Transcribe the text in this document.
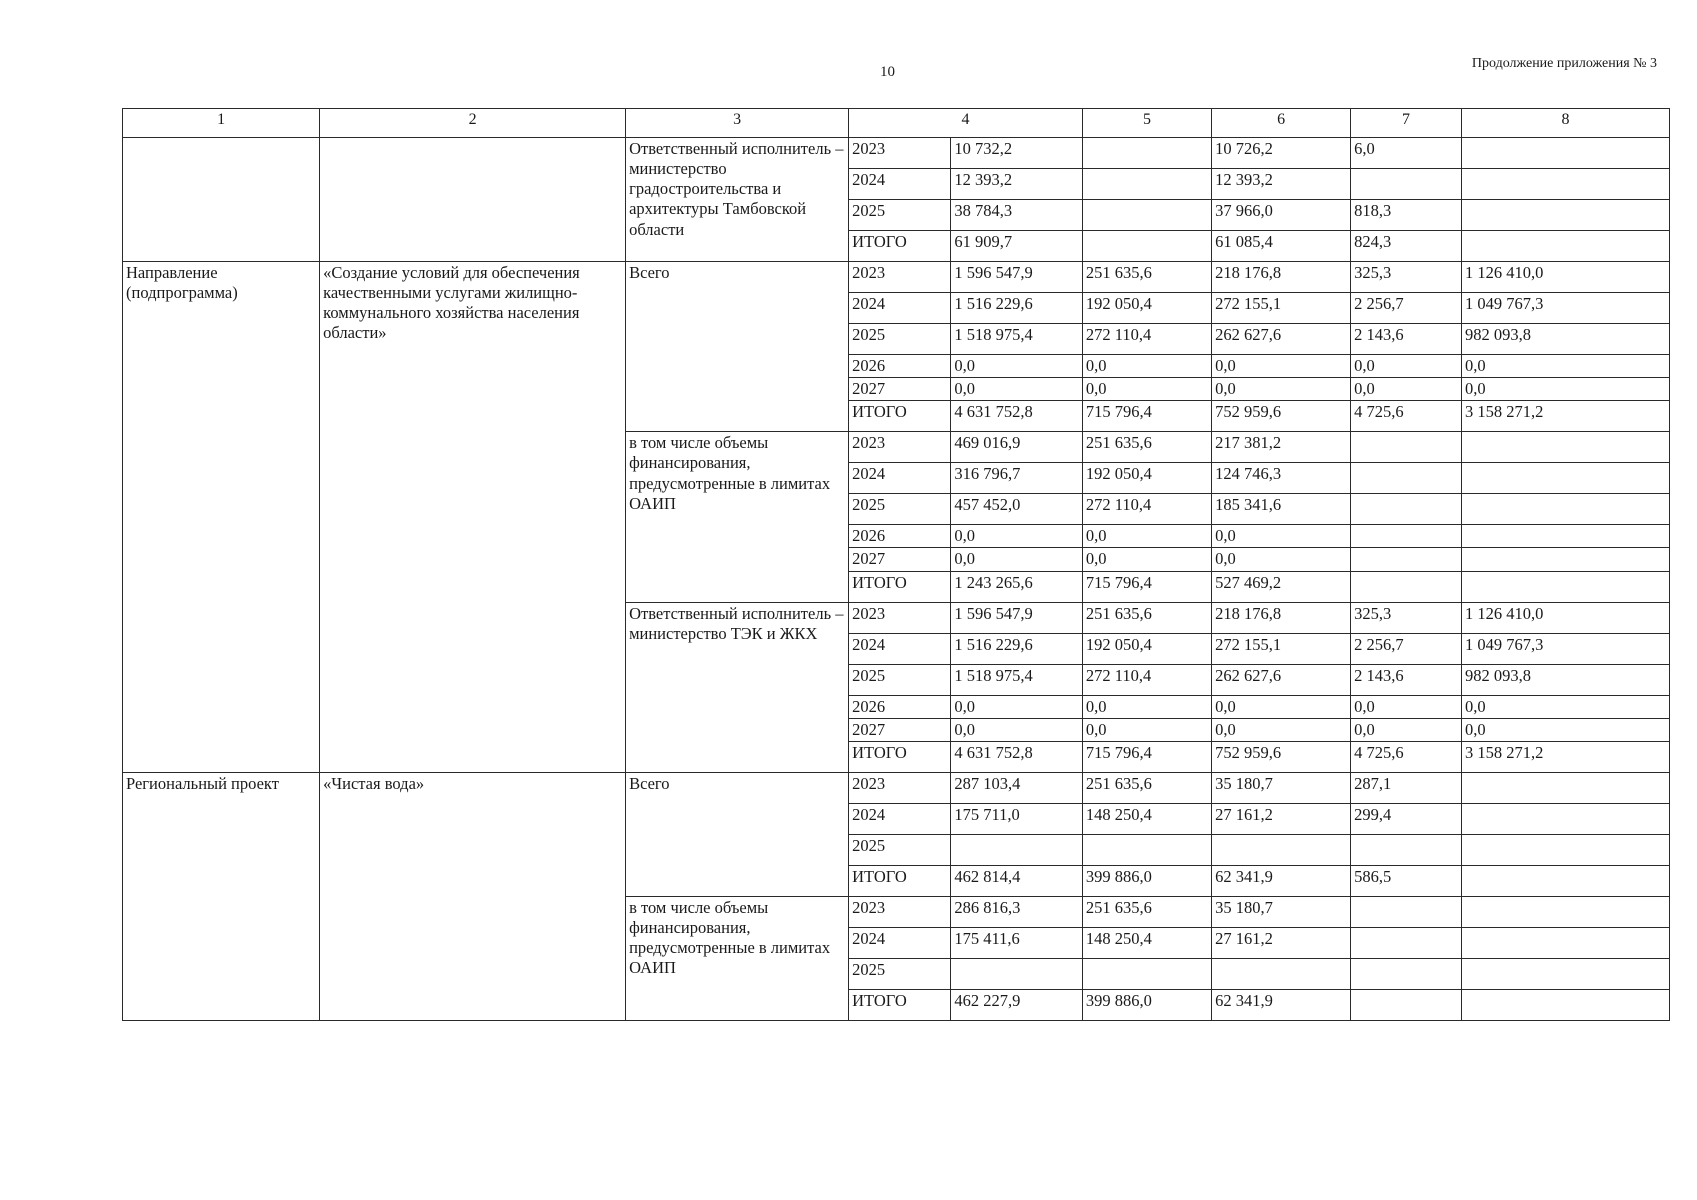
10
Продолжение приложения № 3
1	2	3	4		5	6	7	8
		Ответственный исполнитель – министерство градостроительства и архитектуры Тамбовской области	2023	10 732,2		10 726,2	6,0	
			2024	12 393,2		12 393,2		
			2025	38 784,3		37 966,0	818,3	
			ИТОГО	61 909,7		61 085,4	824,3	
Направление (подпрограмма)	«Создание условий для обеспечения качественными услугами жилищно-коммунального хозяйства населения области»	Всего	2023	1 596 547,9	251 635,6	218 176,8	325,3	1 126 410,0
			2024	1 516 229,6	192 050,4	272 155,1	2 256,7	1 049 767,3
			2025	1 518 975,4	272 110,4	262 627,6	2 143,6	982 093,8
			2026	0,0	0,0	0,0	0,0	0,0
			2027	0,0	0,0	0,0	0,0	0,0
			ИТОГО	4 631 752,8	715 796,4	752 959,6	4 725,6	3 158 271,2
		в том числе объемы финансирования, предусмотренные в лимитах ОАИП	2023	469 016,9	251 635,6	217 381,2		
			2024	316 796,7	192 050,4	124 746,3		
			2025	457 452,0	272 110,4	185 341,6		
			2026	0,0	0,0	0,0		
			2027	0,0	0,0	0,0		
			ИТОГО	1 243 265,6	715 796,4	527 469,2		
		Ответственный исполнитель – министерство ТЭК и ЖКХ	2023	1 596 547,9	251 635,6	218 176,8	325,3	1 126 410,0
			2024	1 516 229,6	192 050,4	272 155,1	2 256,7	1 049 767,3
			2025	1 518 975,4	272 110,4	262 627,6	2 143,6	982 093,8
			2026	0,0	0,0	0,0	0,0	0,0
			2027	0,0	0,0	0,0	0,0	0,0
			ИТОГО	4 631 752,8	715 796,4	752 959,6	4 725,6	3 158 271,2
Региональный проект	«Чистая вода»	Всего	2023	287 103,4	251 635,6	35 180,7	287,1	
			2024	175 711,0	148 250,4	27 161,2	299,4	
			2025					
			ИТОГО	462 814,4	399 886,0	62 341,9	586,5	
		в том числе объемы финансирования, предусмотренные в лимитах ОАИП	2023	286 816,3	251 635,6	35 180,7		
			2024	175 411,6	148 250,4	27 161,2		
			2025					
			ИТОГО	462 227,9	399 886,0	62 341,9		
